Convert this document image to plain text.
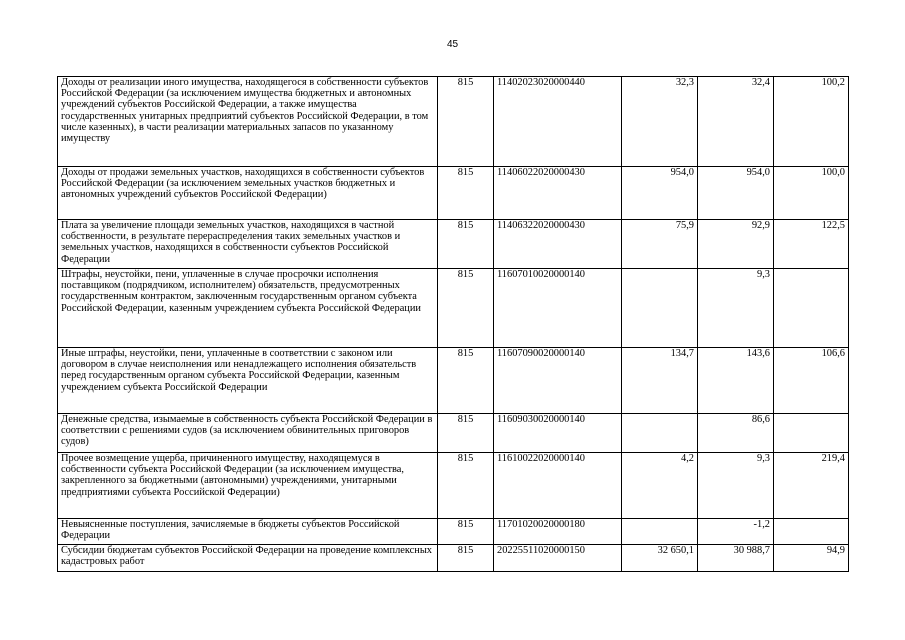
45
Доходы от реализации иного имущества, находящегося в собственности субъектов Российской Федерации (за исключением имущества бюджетных и автономных учреждений субъектов Российской Федерации, а также имущества государственных унитарных предприятий субъектов Российской Федерации, в том числе казенных), в части реализации материальных запасов по указанному имуществу	815	11402023020000440	32,3	32,4	100,2
Доходы от продажи земельных участков, находящихся в собственности субъектов Российской Федерации (за исключением земельных участков бюджетных и автономных учреждений субъектов Российской Федерации)	815	11406022020000430	954,0	954,0	100,0
Плата за увеличение площади земельных участков, находящихся в частной собственности, в результате перераспределения таких земельных участков и земельных участков, находящихся в собственности субъектов Российской Федерации	815	11406322020000430	75,9	92,9	122,5
Штрафы, неустойки, пени, уплаченные в случае просрочки исполнения поставщиком (подрядчиком, исполнителем) обязательств, предусмотренных государственным контрактом, заключенным государственным органом субъекта Российской Федерации, казенным учреждением субъекта Российской Федерации	815	11607010020000140		9,3	
Иные штрафы, неустойки, пени, уплаченные в соответствии с законом или договором в случае неисполнения или ненадлежащего исполнения обязательств перед государственным органом субъекта Российской Федерации, казенным учреждением субъекта Российской Федерации	815	11607090020000140	134,7	143,6	106,6
Денежные средства, изымаемые в собственность субъекта Российской Федерации в соответствии с решениями судов (за исключением обвинительных приговоров судов)	815	11609030020000140		86,6	
Прочее возмещение ущерба, причиненного имуществу, находящемуся в собственности субъекта Российской Федерации (за исключением имущества, закрепленного за бюджетными (автономными) учреждениями, унитарными предприятиями субъекта Российской Федерации)	815	11610022020000140	4,2	9,3	219,4
Невыясненные поступления, зачисляемые в бюджеты субъектов Российской Федерации	815	11701020020000180		-1,2	
Субсидии бюджетам субъектов Российской Федерации на проведение комплексных кадастровых работ	815	20225511020000150	32 650,1	30 988,7	94,9
